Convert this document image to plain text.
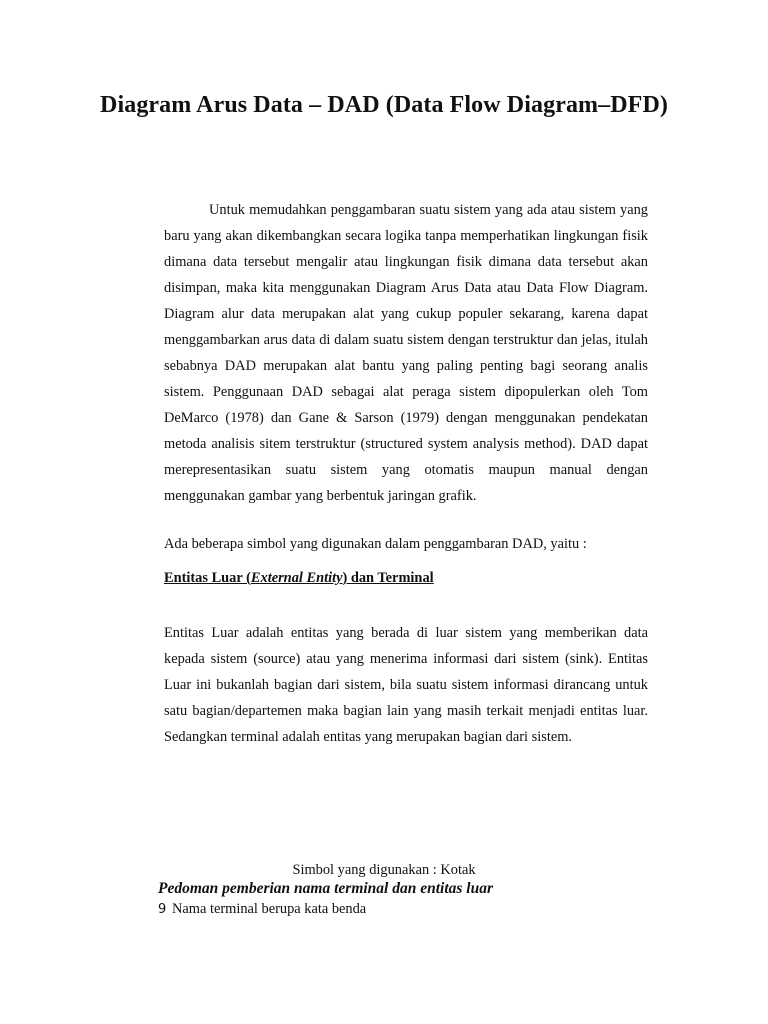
Diagram Arus Data – DAD (Data Flow Diagram–DFD)

Untuk memudahkan penggambaran suatu sistem yang ada atau sistem yang baru yang akan dikembangkan secara logika tanpa memperhatikan lingkungan fisik dimana data tersebut mengalir atau lingkungan fisik dimana data tersebut akan disimpan, maka kita menggunakan Diagram Arus Data atau Data Flow Diagram. Diagram alur data merupakan alat yang cukup populer sekarang, karena dapat menggambarkan arus data di dalam suatu sistem dengan terstruktur dan jelas, itulah sebabnya DAD merupakan alat bantu yang paling penting bagi seorang analis sistem. Penggunaan DAD sebagai alat peraga sistem dipopulerkan oleh Tom DeMarco (1978) dan Gane & Sarson (1979) dengan menggunakan pendekatan metoda analisis sitem terstruktur (structured system analysis method). DAD dapat merepresentasikan suatu sistem yang otomatis maupun manual dengan menggunakan gambar yang berbentuk jaringan grafik.

Ada beberapa simbol yang digunakan dalam penggambaran DAD, yaitu :

Entitas Luar (External Entity) dan Terminal

Entitas Luar adalah entitas yang berada di luar sistem yang memberikan data kepada sistem (source) atau yang menerima informasi dari sistem (sink). Entitas Luar ini bukanlah bagian dari sistem, bila suatu sistem informasi dirancang untuk satu bagian/departemen maka bagian lain yang masih terkait menjadi entitas luar. Sedangkan terminal adalah entitas yang merupakan bagian dari sistem.

Simbol yang digunakan : Kotak

Pedoman pemberian nama terminal dan entitas luar

9 Nama terminal berupa kata benda
